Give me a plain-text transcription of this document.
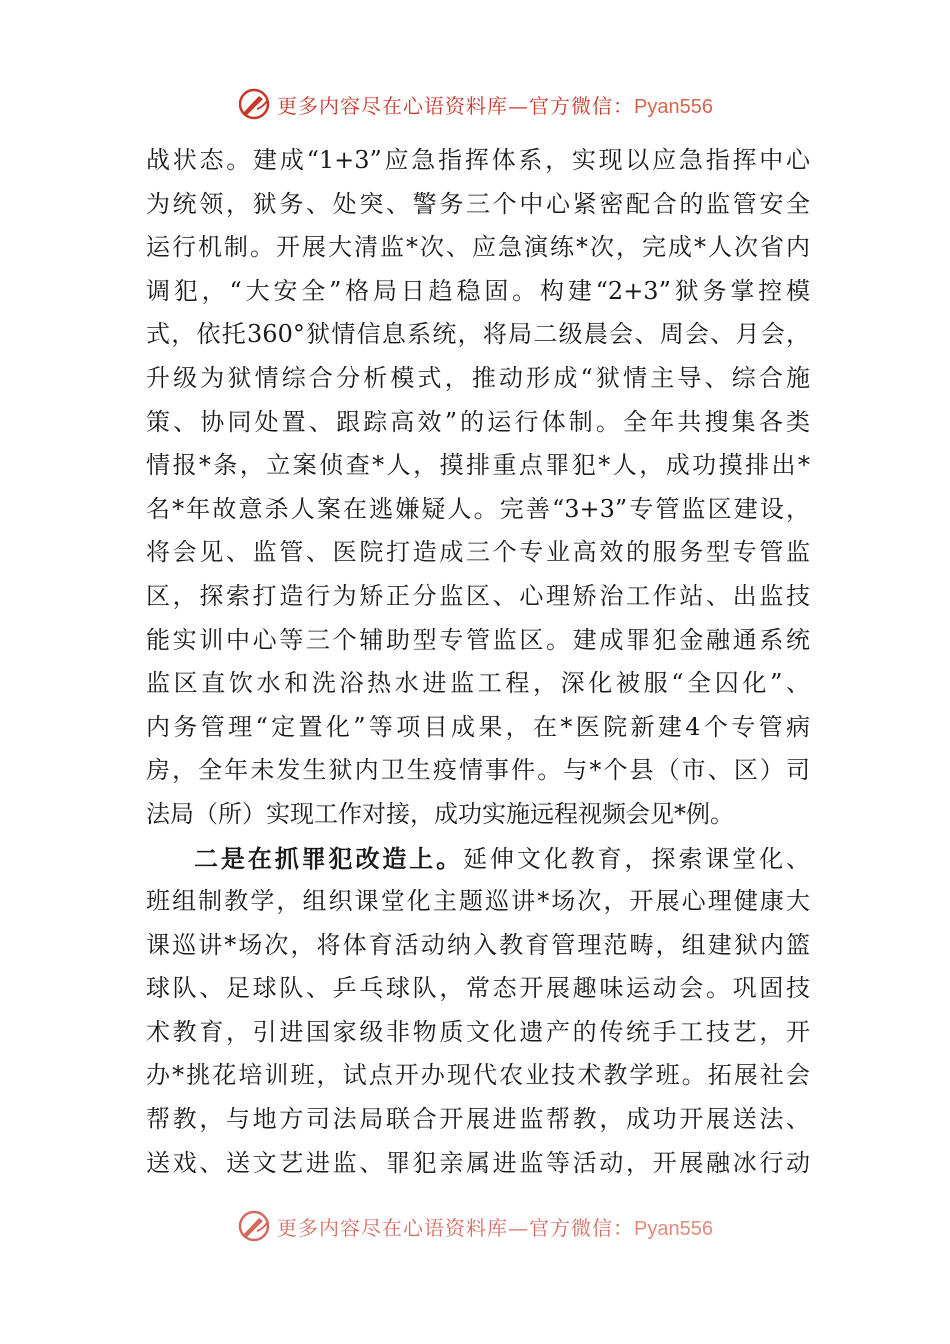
更多内容尽在心语资料库—官方微信：Pyan556
战状态。建成“1+3”应急指挥体系，实现以应急指挥中心
为统领，狱务、处突、警务三个中心紧密配合的监管安全
运行机制。开展大清监*次、应急演练*次，完成*人次省内
调犯，“大安全”格局日趋稳固。构建“2+3”狱务掌控模
式，依托360°狱情信息系统，将局二级晨会、周会、月会，
升级为狱情综合分析模式，推动形成“狱情主导、综合施
策、协同处置、跟踪高效”的运行体制。全年共搜集各类
情报*条，立案侦查*人，摸排重点罪犯*人，成功摸排出*
名*年故意杀人案在逃嫌疑人。完善“3+3”专管监区建设，
将会见、监管、医院打造成三个专业高效的服务型专管监
区，探索打造行为矫正分监区、心理矫治工作站、出监技
能实训中心等三个辅助型专管监区。建成罪犯金融通系统
监区直饮水和洗浴热水进监工程，深化被服“全囚化”、
内务管理“定置化”等项目成果，在*医院新建4个专管病
房，全年未发生狱内卫生疫情事件。与*个县（市、区）司
法局（所）实现工作对接，成功实施远程视频会见*例。
二是在抓罪犯改造上。延伸文化教育，探索课堂化、
班组制教学，组织课堂化主题巡讲*场次，开展心理健康大
课巡讲*场次，将体育活动纳入教育管理范畴，组建狱内篮
球队、足球队、乒乓球队，常态开展趣味运动会。巩固技
术教育，引进国家级非物质文化遗产的传统手工技艺，开
办*挑花培训班，试点开办现代农业技术教学班。拓展社会
帮教，与地方司法局联合开展进监帮教，成功开展送法、
送戏、送文艺进监、罪犯亲属进监等活动，开展融冰行动
更多内容尽在心语资料库—官方微信：Pyan556
